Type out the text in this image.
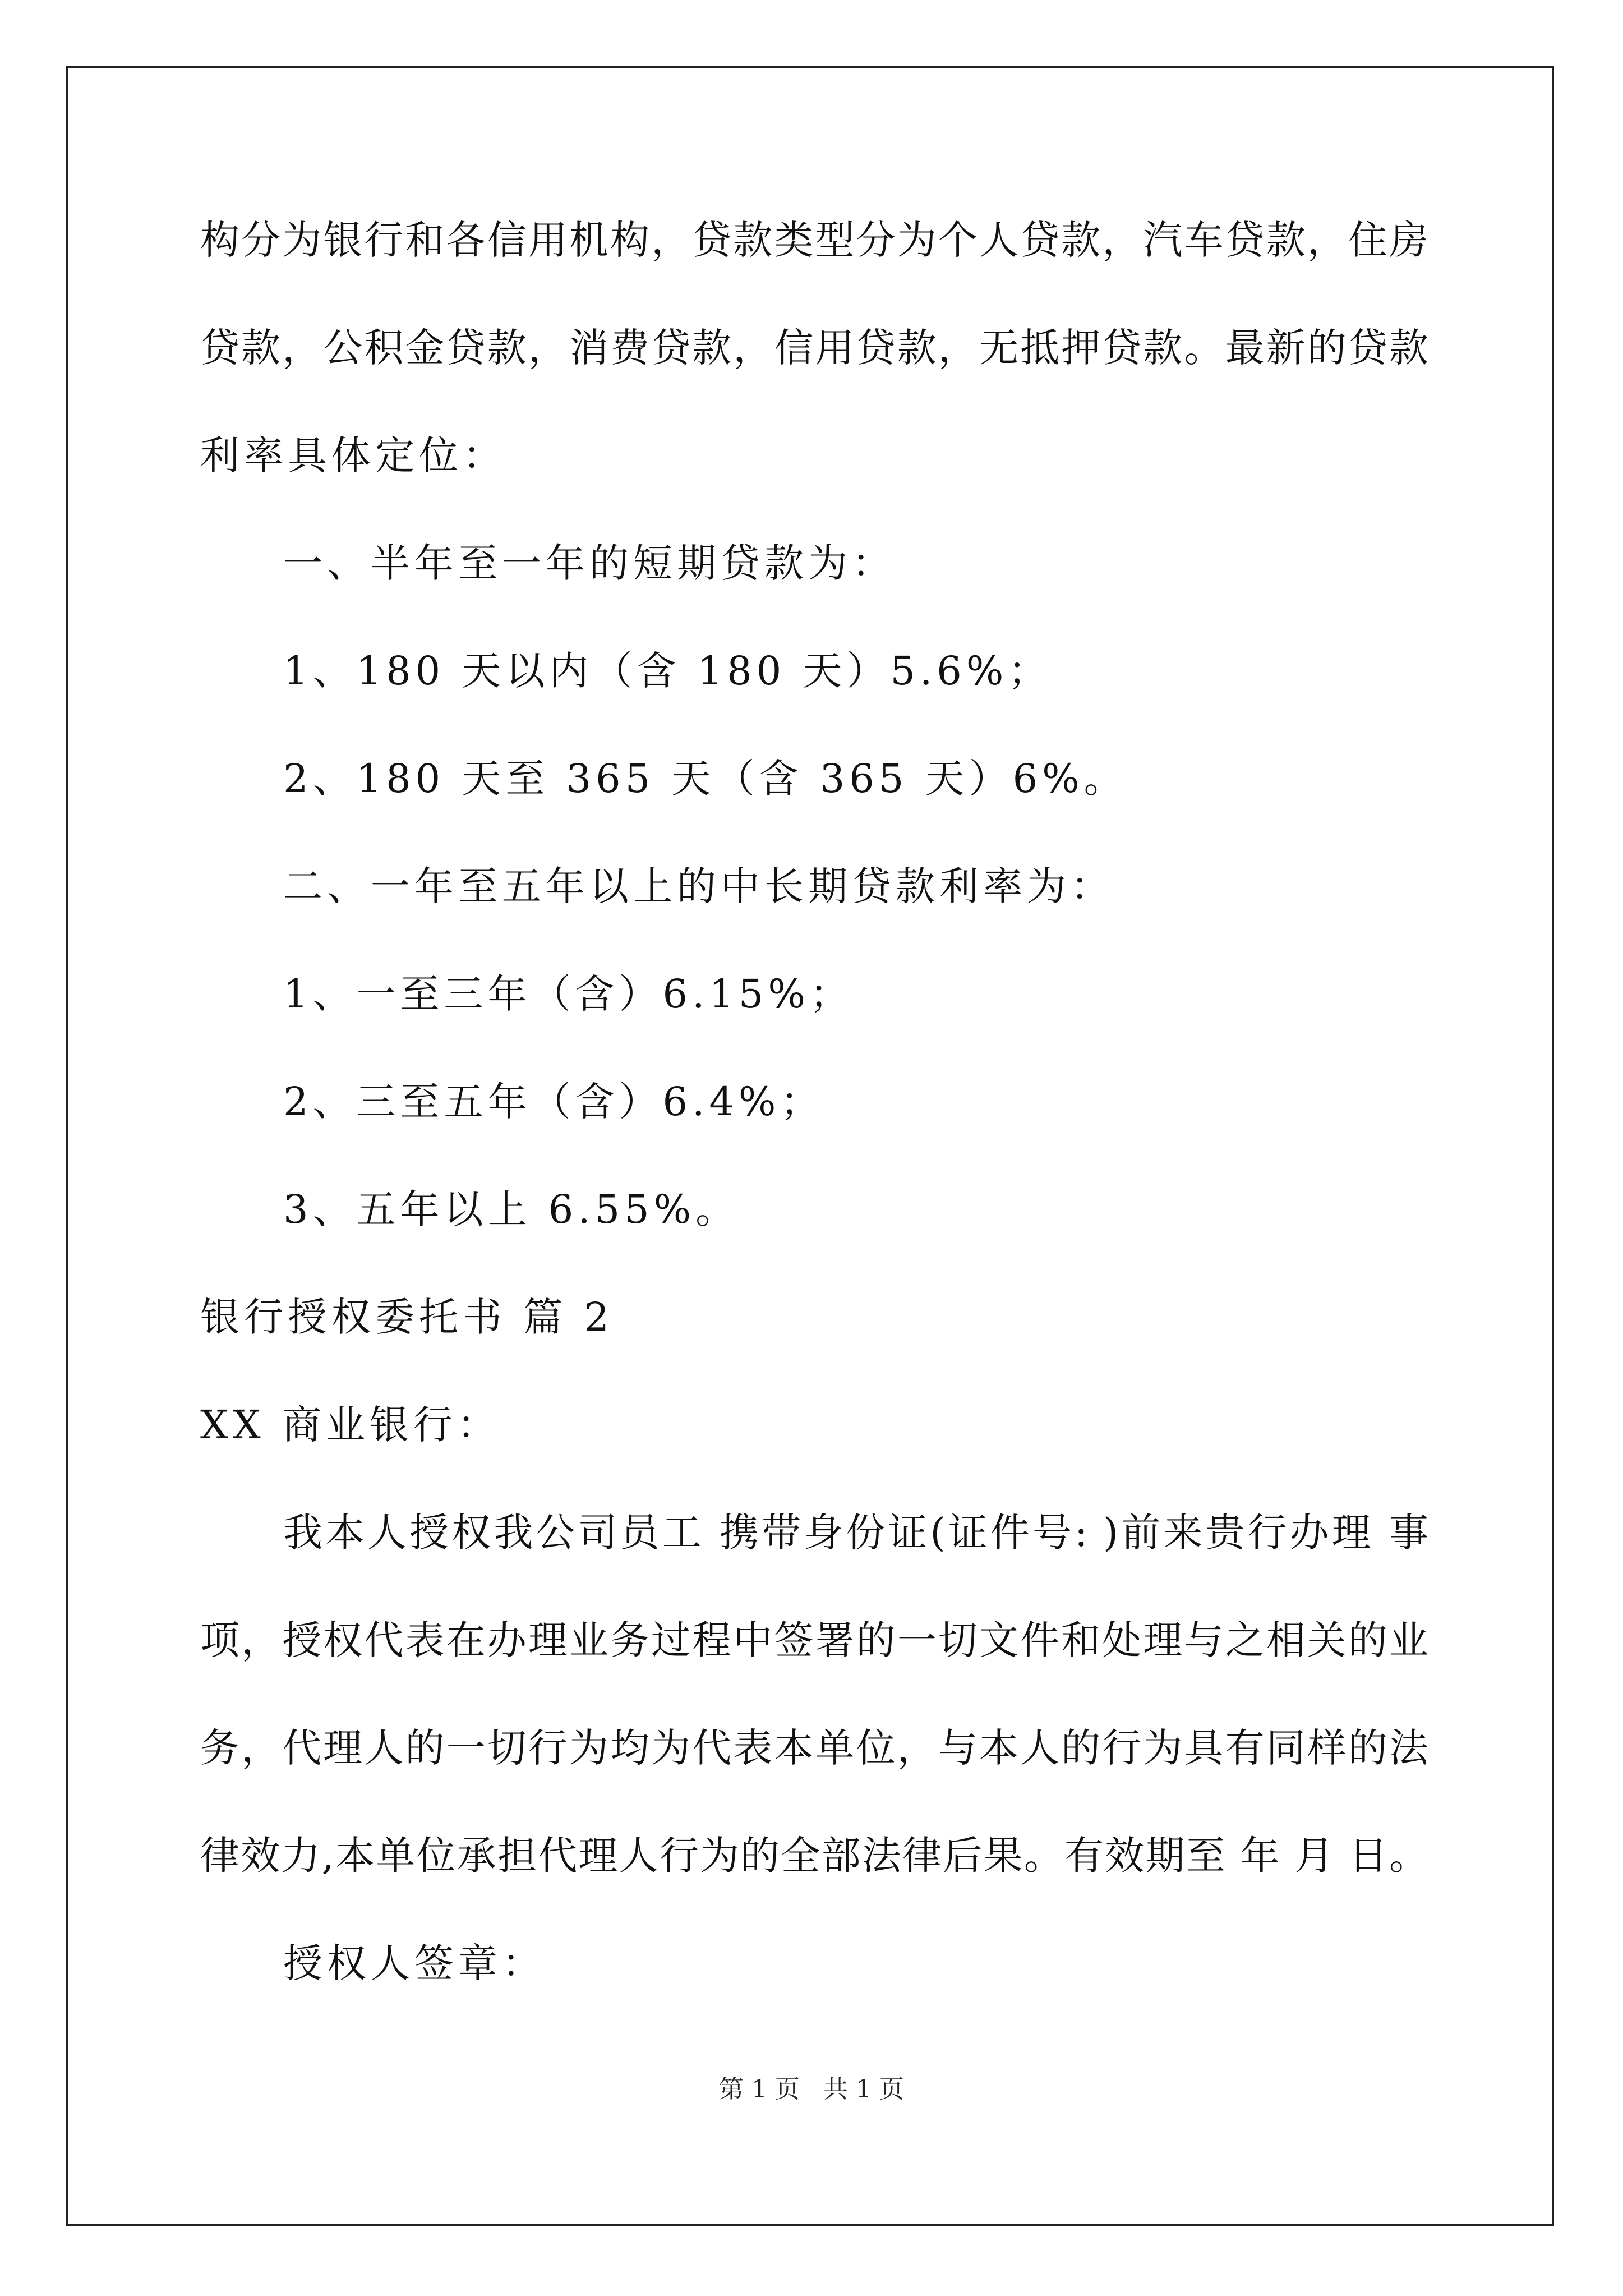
构分为银行和各信用机构，贷款类型分为个人贷款，汽车贷款，住房
贷款，公积金贷款，消费贷款，信用贷款，无抵押贷款。最新的贷款
利率具体定位：
一、半年至一年的短期贷款为：
1、180 天以内（含 180 天）5.6%；
2、180 天至 365 天（含 365 天）6%。
二、一年至五年以上的中长期贷款利率为：
1、一至三年（含）6.15%；
2、三至五年（含）6.4%；
3、五年以上 6.55%。
银行授权委托书 篇 2
XX 商业银行：
我本人授权我公司员工 携带身份证(证件号: )前来贵行办理 事
项，授权代表在办理业务过程中签署的一切文件和处理与之相关的业
务，代理人的一切行为均为代表本单位，与本人的行为具有同样的法
律效力,本单位承担代理人行为的全部法律后果。有效期至 年 月 日。
授权人签章：
第 1 页 共 1 页
